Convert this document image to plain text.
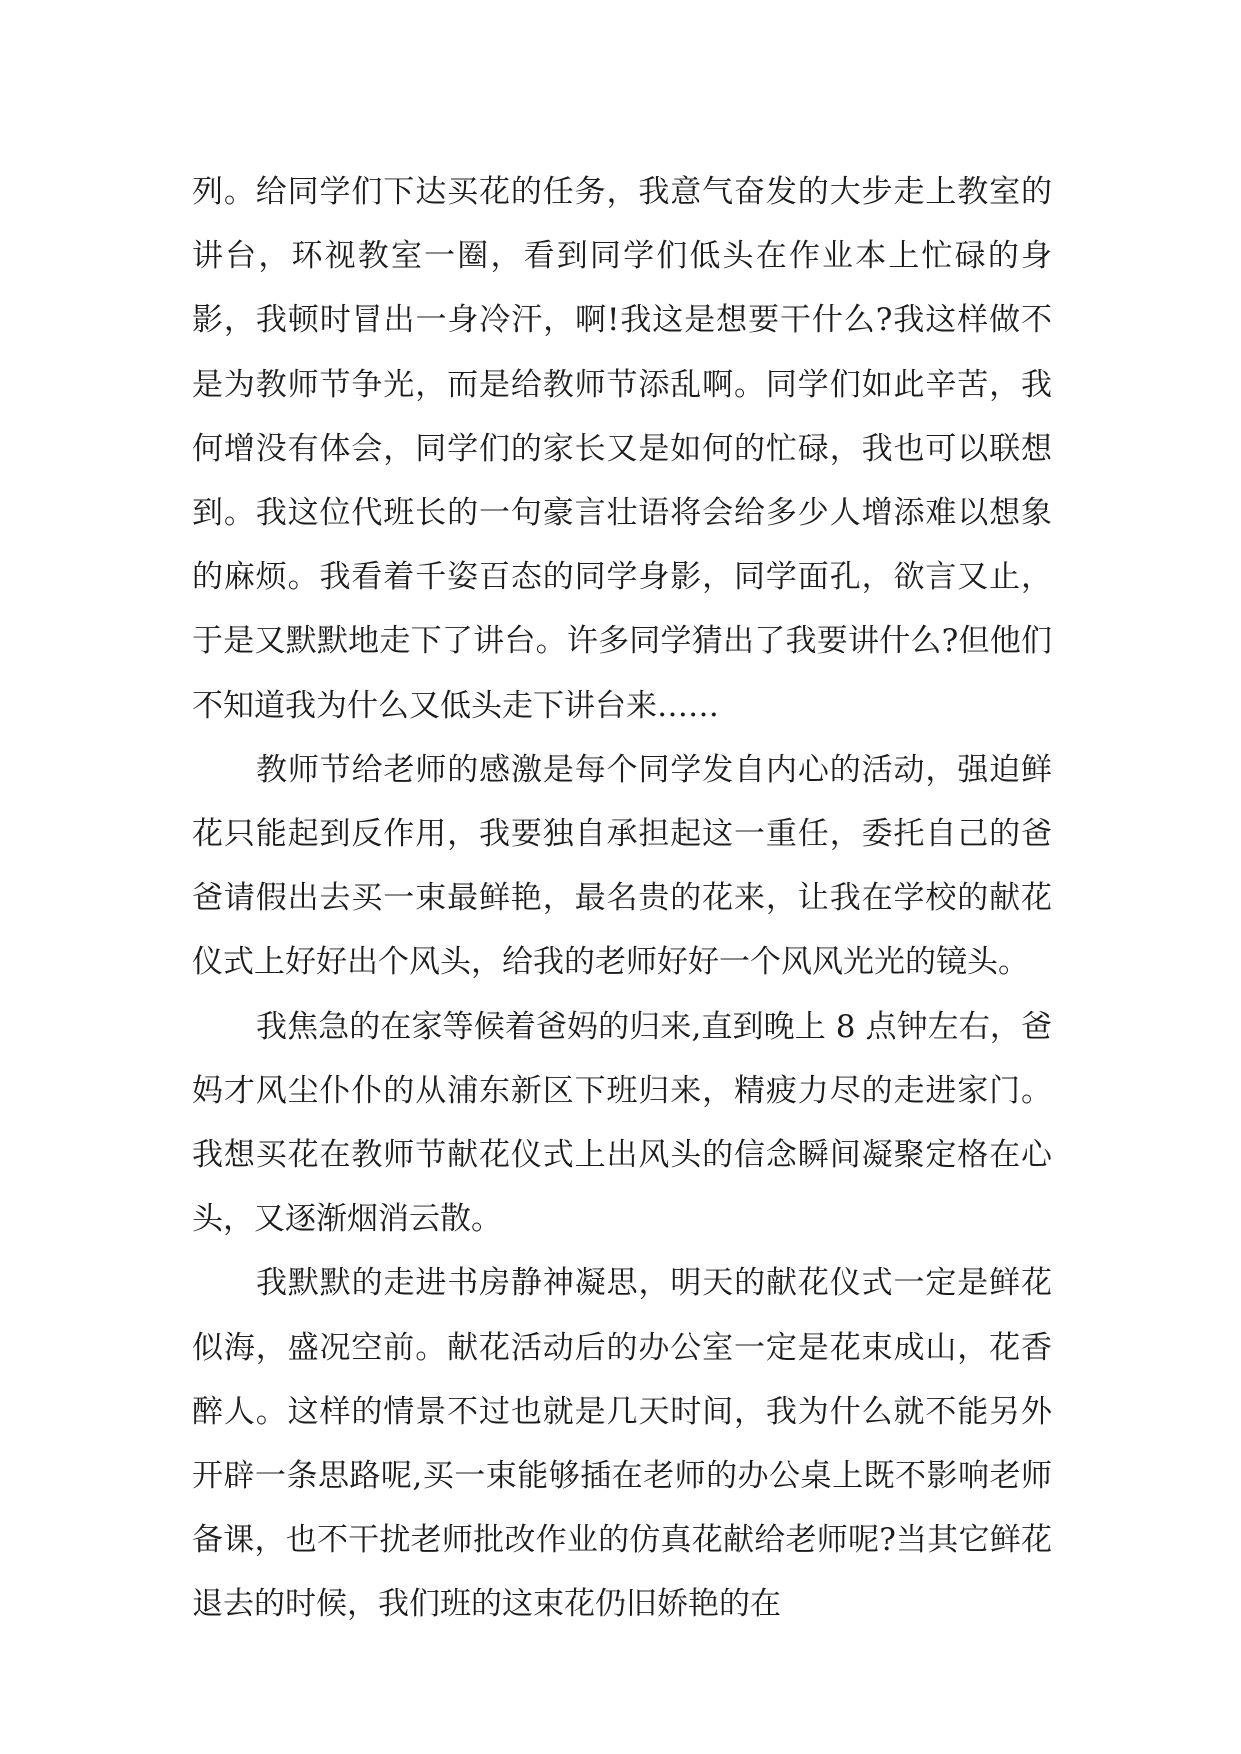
列。给同学们下达买花的任务，我意气奋发的大步走上教室的讲台，环视教室一圈，看到同学们低头在作业本上忙碌的身影，我顿时冒出一身冷汗，啊!我这是想要干什么?我这样做不是为教师节争光，而是给教师节添乱啊。同学们如此辛苦，我何增没有体会，同学们的家长又是如何的忙碌，我也可以联想到。我这位代班长的一句豪言壮语将会给多少人增添难以想象的麻烦。我看着千姿百态的同学身影，同学面孔，欲言又止，于是又默默地走下了讲台。许多同学猜出了我要讲什么?但他们不知道我为什么又低头走下讲台来……

教师节给老师的感激是每个同学发自内心的活动，强迫鲜花只能起到反作用，我要独自承担起这一重任，委托自己的爸爸请假出去买一束最鲜艳，最名贵的花来，让我在学校的献花仪式上好好出个风头，给我的老师好好一个风风光光的镜头。

我焦急的在家等候着爸妈的归来,直到晚上 8 点钟左右，爸妈才风尘仆仆的从浦东新区下班归来，精疲力尽的走进家门。我想买花在教师节献花仪式上出风头的信念瞬间凝聚定格在心头，又逐渐烟消云散。

我默默的走进书房静神凝思，明天的献花仪式一定是鲜花似海，盛况空前。献花活动后的办公室一定是花束成山，花香醉人。这样的情景不过也就是几天时间，我为什么就不能另外开辟一条思路呢,买一束能够插在老师的办公桌上既不影响老师备课，也不干扰老师批改作业的仿真花献给老师呢?当其它鲜花退去的时候，我们班的这束花仍旧娇艳的在
